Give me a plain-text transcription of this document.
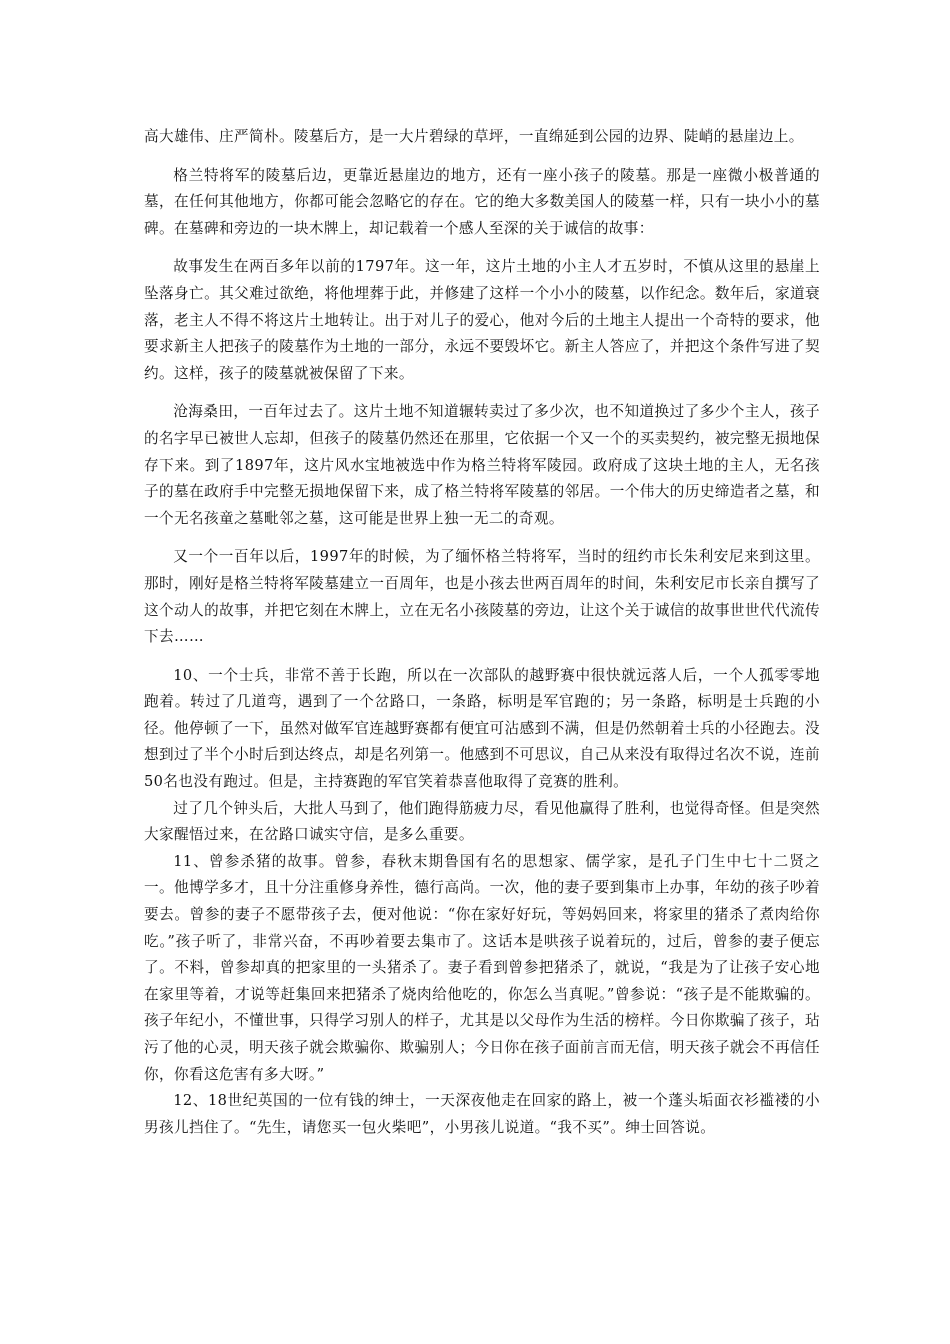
高大雄伟、庄严简朴。陵墓后方，是一大片碧绿的草坪，一直绵延到公园的边界、陡峭的悬崖边上。

格兰特将军的陵墓后边，更靠近悬崖边的地方，还有一座小孩子的陵墓。那是一座微小极普通的墓，在任何其他地方，你都可能会忽略它的存在。它的绝大多数美国人的陵墓一样，只有一块小小的墓碑。在墓碑和旁边的一块木牌上，却记载着一个感人至深的关于诚信的故事：

故事发生在两百多年以前的1797年。这一年，这片土地的小主人才五岁时，不慎从这里的悬崖上坠落身亡。其父难过欲绝，将他埋葬于此，并修建了这样一个小小的陵墓，以作纪念。数年后，家道衰落，老主人不得不将这片土地转让。出于对儿子的爱心，他对今后的土地主人提出一个奇特的要求，他要求新主人把孩子的陵墓作为土地的一部分，永远不要毁坏它。新主人答应了，并把这个条件写进了契约。这样，孩子的陵墓就被保留了下来。

沧海桑田，一百年过去了。这片土地不知道辗转卖过了多少次，也不知道换过了多少个主人，孩子的名字早已被世人忘却，但孩子的陵墓仍然还在那里，它依据一个又一个的买卖契约，被完整无损地保存下来。到了1897年，这片风水宝地被选中作为格兰特将军陵园。政府成了这块土地的主人，无名孩子的墓在政府手中完整无损地保留下来，成了格兰特将军陵墓的邻居。一个伟大的历史缔造者之墓，和一个无名孩童之墓毗邻之墓，这可能是世界上独一无二的奇观。

又一个一百年以后，1997年的时候，为了缅怀格兰特将军，当时的纽约市长朱利安尼来到这里。那时，刚好是格兰特将军陵墓建立一百周年，也是小孩去世两百周年的时间，朱利安尼市长亲自撰写了这个动人的故事，并把它刻在木牌上，立在无名小孩陵墓的旁边，让这个关于诚信的故事世世代代流传下去……

10、一个士兵，非常不善于长跑，所以在一次部队的越野赛中很快就远落人后，一个人孤零零地跑着。转过了几道弯，遇到了一个岔路口，一条路，标明是军官跑的；另一条路，标明是士兵跑的小径。他停顿了一下，虽然对做军官连越野赛都有便宜可沾感到不满，但是仍然朝着士兵的小径跑去。没想到过了半个小时后到达终点，却是名列第一。他感到不可思议，自己从来没有取得过名次不说，连前50名也没有跑过。但是，主持赛跑的军官笑着恭喜他取得了竞赛的胜利。

过了几个钟头后，大批人马到了，他们跑得筋疲力尽，看见他赢得了胜利，也觉得奇怪。但是突然大家醒悟过来，在岔路口诚实守信，是多么重要。

11、曾参杀猪的故事。曾参，春秋末期鲁国有名的思想家、儒学家，是孔子门生中七十二贤之一。他博学多才，且十分注重修身养性，德行高尚。一次，他的妻子要到集市上办事，年幼的孩子吵着要去。曾参的妻子不愿带孩子去，便对他说：“你在家好好玩，等妈妈回来，将家里的猪杀了煮肉给你吃。”孩子听了，非常兴奋，不再吵着要去集市了。这话本是哄孩子说着玩的，过后，曾参的妻子便忘了。不料，曾参却真的把家里的一头猪杀了。妻子看到曾参把猪杀了，就说，“我是为了让孩子安心地在家里等着，才说等赶集回来把猪杀了烧肉给他吃的，你怎么当真呢。”曾参说：“孩子是不能欺骗的。孩子年纪小，不懂世事，只得学习别人的样子，尤其是以父母作为生活的榜样。今日你欺骗了孩子，玷污了他的心灵，明天孩子就会欺骗你、欺骗别人；今日你在孩子面前言而无信，明天孩子就会不再信任你，你看这危害有多大呀。”

12、18世纪英国的一位有钱的绅士，一天深夜他走在回家的路上，被一个蓬头垢面衣衫褴褛的小男孩儿挡住了。“先生，请您买一包火柴吧”，小男孩儿说道。“我不买”。绅士回答说。
